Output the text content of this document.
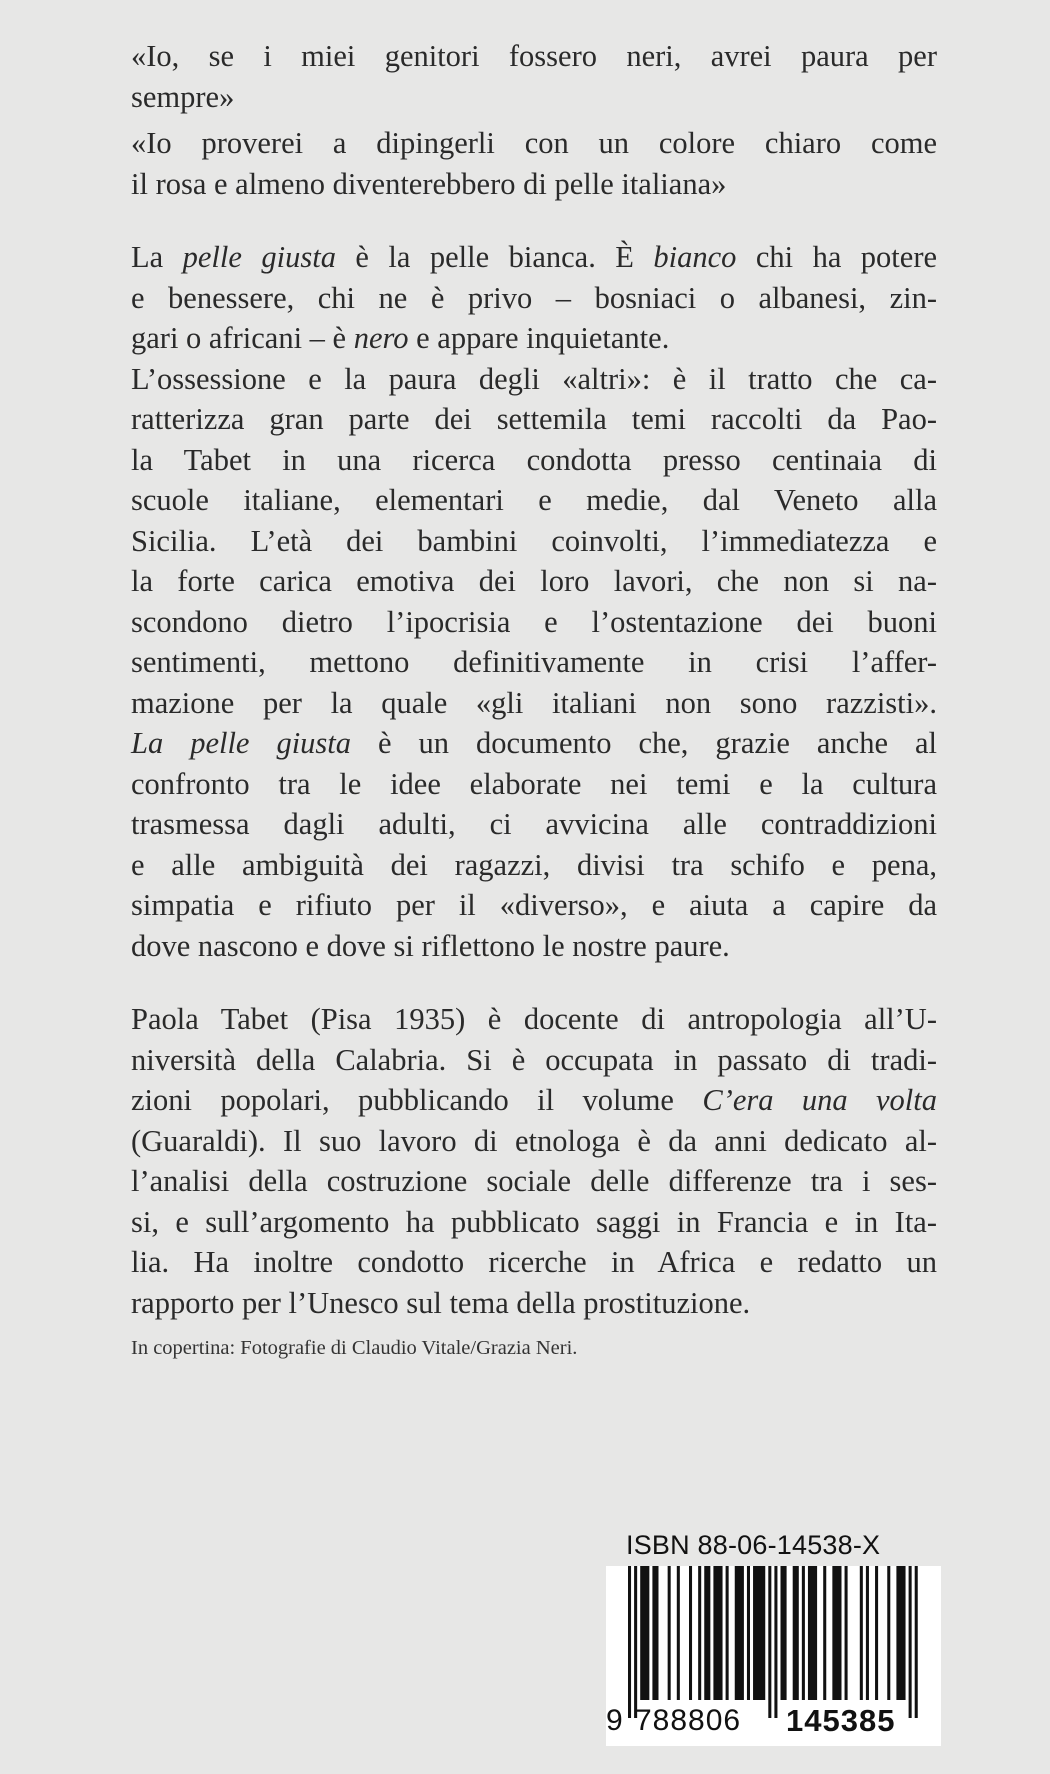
«Io, se i miei genitori fossero neri, avrei paura per
sempre»

«Io proverei a dipingerli con un colore chiaro come
il rosa e almeno diventerebbero di pelle italiana»

La pelle giusta è la pelle bianca. È bianco chi ha potere
e benessere, chi ne è privo – bosniaci o albanesi, zin-
gari o africani – è nero e appare inquietante.
L’ossessione e la paura degli «altri»: è il tratto che ca-
ratterizza gran parte dei settemila temi raccolti da Pao-
la Tabet in una ricerca condotta presso centinaia di
scuole italiane, elementari e medie, dal Veneto alla
Sicilia. L’età dei bambini coinvolti, l’immediatezza e
la forte carica emotiva dei loro lavori, che non si na-
scondono dietro l’ipocrisia e l’ostentazione dei buoni
sentimenti, mettono definitivamente in crisi l’affer-
mazione per la quale «gli italiani non sono razzisti».
La pelle giusta è un documento che, grazie anche al
confronto tra le idee elaborate nei temi e la cultura
trasmessa dagli adulti, ci avvicina alle contraddizioni
e alle ambiguità dei ragazzi, divisi tra schifo e pena,
simpatia e rifiuto per il «diverso», e aiuta a capire da
dove nascono e dove si riflettono le nostre paure.

Paola Tabet (Pisa 1935) è docente di antropologia all’U-
niversità della Calabria. Si è occupata in passato di tradi-
zioni popolari, pubblicando il volume C’era una volta
(Guaraldi). Il suo lavoro di etnologa è da anni dedicato al-
l’analisi della costruzione sociale delle differenze tra i ses-
si, e sull’argomento ha pubblicato saggi in Francia e in Ita-
lia. Ha inoltre condotto ricerche in Africa e redatto un
rapporto per l’Unesco sul tema della prostituzione.

In copertina: Fotografie di Claudio Vitale/Grazia Neri.

ISBN 88-06-14538-X
9 788806 145385
